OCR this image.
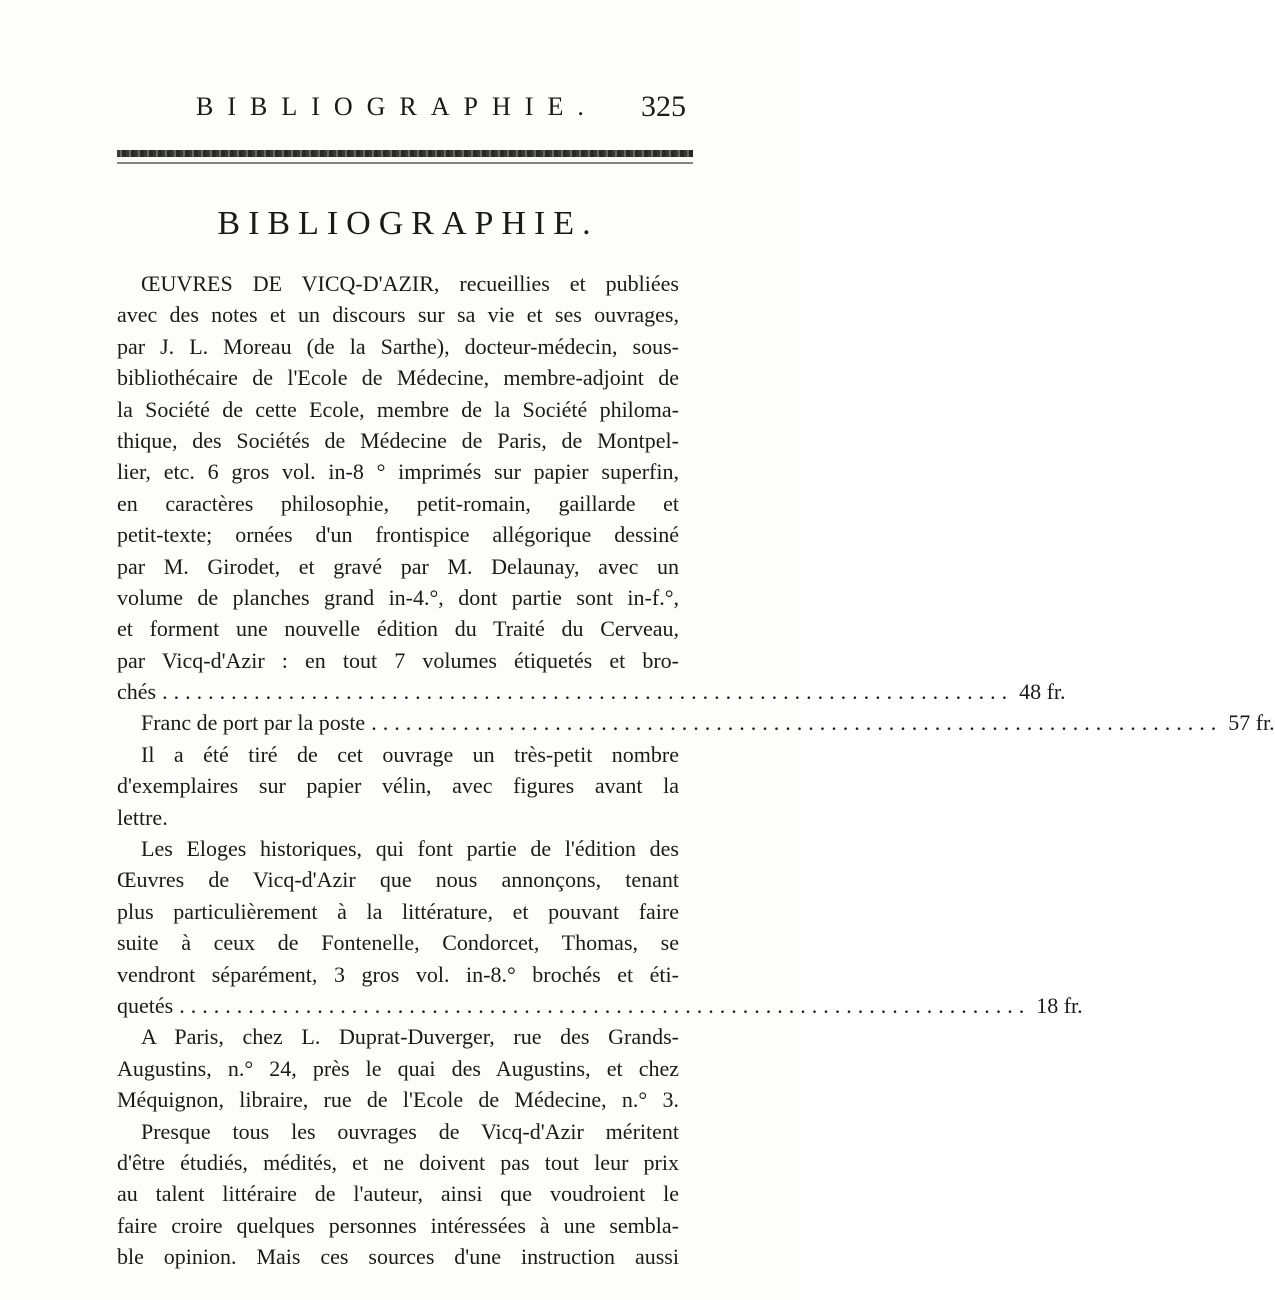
BIBLIOGRAPHIE. 325
BIBLIOGRAPHIE.
ŒUVRES DE VICQ-D'AZIR, recueillies et publiées
avec des notes et un discours sur sa vie et ses ouvrages,
par J. L. Moreau (de la Sarthe), docteur-médecin, sous-
bibliothécaire de l'Ecole de Médecine, membre-adjoint de
la Société de cette Ecole, membre de la Société philoma-
thique, des Sociétés de Médecine de Paris, de Montpel-
lier, etc. 6 gros vol. in-8 ° imprimés sur papier superfin,
en caractères philosophie, petit-romain, gaillarde et
petit-texte; ornées d'un frontispice allégorique dessiné
par M. Girodet, et gravé par M. Delaunay, avec un
volume de planches grand in-4.°, dont partie sont in-f.°,
et forment une nouvelle édition du Traité du Cerveau,
par Vicq-d'Azir : en tout 7 volumes étiquetés et bro-
chés .......................................................................... 48 fr.
Franc de port par la poste .......................................................................... 57 fr.
Il a été tiré de cet ouvrage un très-petit nombre
d'exemplaires sur papier vélin, avec figures avant la
lettre.
Les Eloges historiques, qui font partie de l'édition des
Œuvres de Vicq-d'Azir que nous annonçons, tenant
plus particulièrement à la littérature, et pouvant faire
suite à ceux de Fontenelle, Condorcet, Thomas, se
vendront séparément, 3 gros vol. in-8.° brochés et éti-
quetés .......................................................................... 18 fr.
A Paris, chez L. Duprat-Duverger, rue des Grands-
Augustins, n.° 24, près le quai des Augustins, et chez
Méquignon, libraire, rue de l'Ecole de Médecine, n.° 3.
Presque tous les ouvrages de Vicq-d'Azir méritent
d'être étudiés, médités, et ne doivent pas tout leur prix
au talent littéraire de l'auteur, ainsi que voudroient le
faire croire quelques personnes intéressées à une sembla-
ble opinion. Mais ces sources d'une instruction aussi
